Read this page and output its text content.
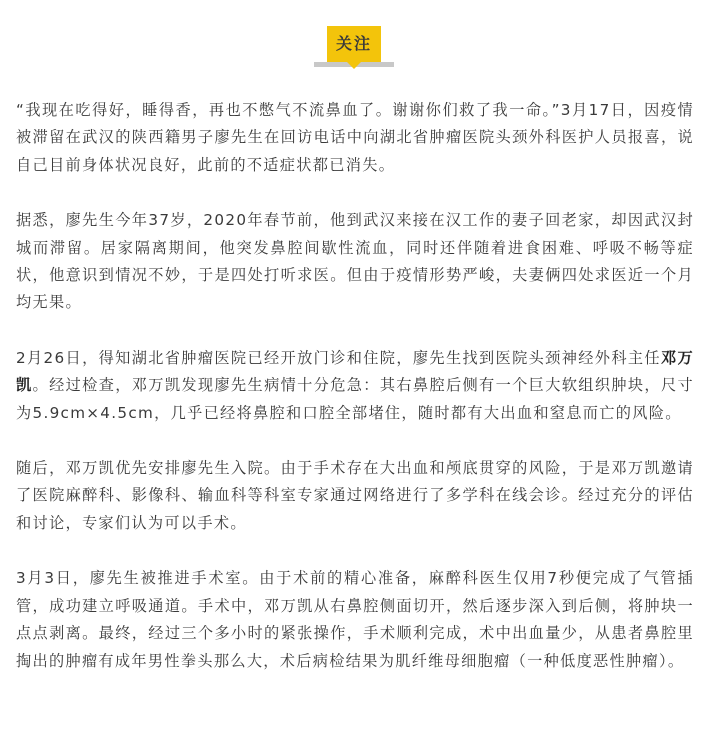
关注

“我现在吃得好，睡得香，再也不憋气不流鼻血了。谢谢你们救了我一命。”3月17日，因疫情被滞留在武汉的陕西籍男子廖先生在回访电话中向湖北省肿瘤医院头颈外科医护人员报喜，说自己目前身体状况良好，此前的不适症状都已消失。

据悉，廖先生今年37岁，2020年春节前，他到武汉来接在汉工作的妻子回老家，却因武汉封城而滞留。居家隔离期间，他突发鼻腔间歇性流血，同时还伴随着进食困难、呼吸不畅等症状，他意识到情况不妙，于是四处打听求医。但由于疫情形势严峻，夫妻俩四处求医近一个月均无果。

2月26日，得知湖北省肿瘤医院已经开放门诊和住院，廖先生找到医院头颈神经外科主任邓万凯。经过检查，邓万凯发现廖先生病情十分危急：其右鼻腔后侧有一个巨大软组织肿块，尺寸为5.9cm×4.5cm，几乎已经将鼻腔和口腔全部堵住，随时都有大出血和窒息而亡的风险。

随后，邓万凯优先安排廖先生入院。由于手术存在大出血和颅底贯穿的风险，于是邓万凯邀请了医院麻醉科、影像科、输血科等科室专家通过网络进行了多学科在线会诊。经过充分的评估和讨论，专家们认为可以手术。

3月3日，廖先生被推进手术室。由于术前的精心准备，麻醉科医生仅用7秒便完成了气管插管，成功建立呼吸通道。手术中，邓万凯从右鼻腔侧面切开，然后逐步深入到后侧，将肿块一点点剥离。最终，经过三个多小时的紧张操作，手术顺利完成，术中出血量少，从患者鼻腔里掏出的肿瘤有成年男性拳头那么大，术后病检结果为肌纤维母细胞瘤（一种低度恶性肿瘤）。
